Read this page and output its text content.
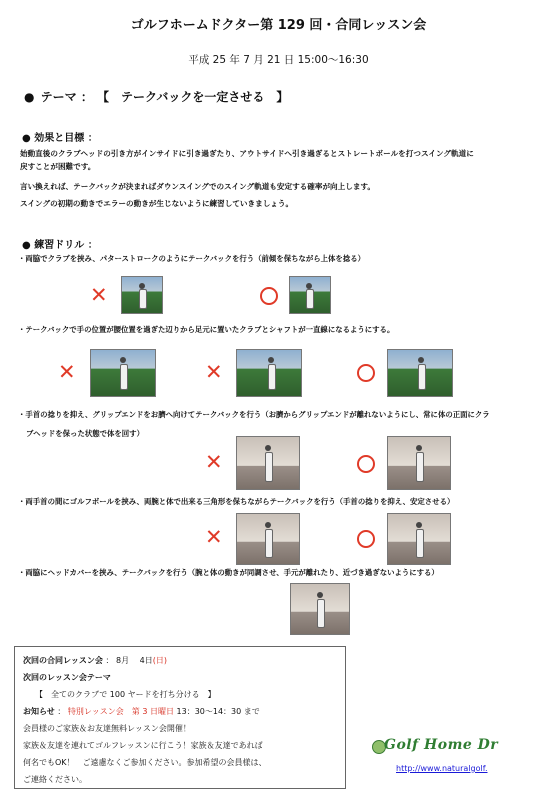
ゴルフホームドクター第 129 回・合同レッスン会
平成 25 年 7 月 21 日 15:00～16:30
● テーマ ： 【　テークバックを一定させる　】
● 効果と目標 ：
始動直後のクラブヘッドの引き方がインサイドに引き過ぎたり、アウトサイドへ引き過ぎるとストレートボールを打つスイング軌道に
戻すことが困難です。
言い換えれば、テークバックが決まればダウンスイングでのスイング軌道も安定する確率が向上します。
スイングの初期の動きでエラーの動きが生じないように練習していきましょう。
● 練習ドリル ：
・両脇でクラブを挟み、パターストロークのようにテークバックを行う（前傾を保ちながら上体を捻る）
✕
・テークバックで手の位置が腰位置を過ぎた辺りから足元に置いたクラブとシャフトが一直線になるようにする。
✕	✕
・手首の捻りを抑え、グリップエンドをお臍へ向けてテークバックを行う（お臍からグリップエンドが離れないようにし、常に体の正面にクラ
ブヘッドを保った状態で体を回す）
✕
・両手首の間にゴルフボールを挟み、両腕と体で出来る三角形を保ちながらテークバックを行う（手首の捻りを抑え、安定させる）
✕
・両脇にヘッドカバーを挟み、テークバックを行う（腕と体の動きが同調させ、手元が離れたり、近づき過ぎないようにする）
次回の合同レッスン会 ： 8月　 4日(日)
次回のレッスン会テーマ
【　全てのクラブで 100 ヤードを打ち分ける　】
お知らせ ： 特別レッスン会　第 3 日曜日 13：30～14：30 まで
会員様のご家族＆お友達無料レッスン会開催！
家族＆友達を連れてゴルフレッスンに行こう！家族＆友達であれば
何名でもOK！　ご遠慮なくご参加ください。参加希望の会員様は、
ご連絡ください。
Golf Home Dr
http://www.naturalgolf.
